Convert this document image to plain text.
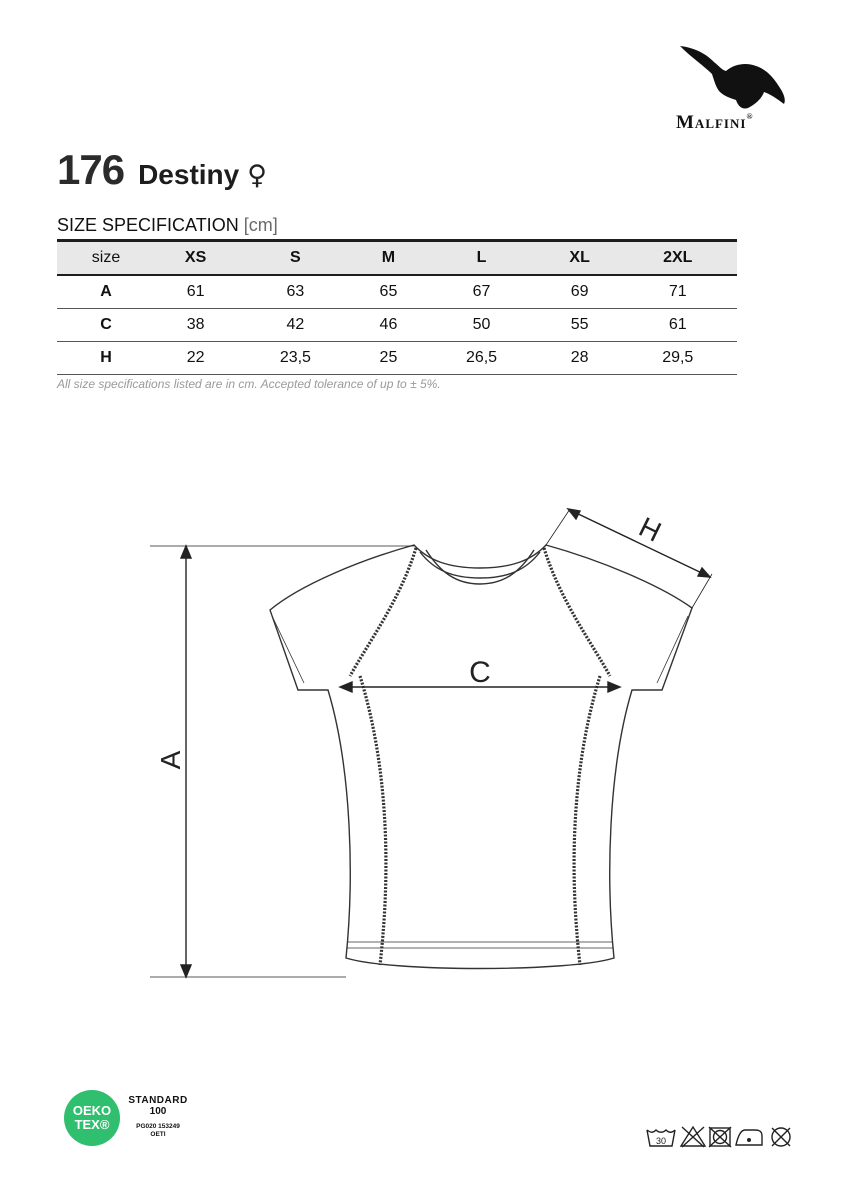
Malfini®
176 Destiny ♀
SIZE SPECIFICATION [cm]
size	XS	S	M	L	XL	2XL
A	61	63	65	67	69	71
C	38	42	46	50	55	61
H	22	23,5	25	26,5	28	29,5
All size specifications listed are in cm. Accepted tolerance of up to ± 5%.
A
C
H
OEKO
TEX®
STANDARD
100
PG020 153249
OETI
30
